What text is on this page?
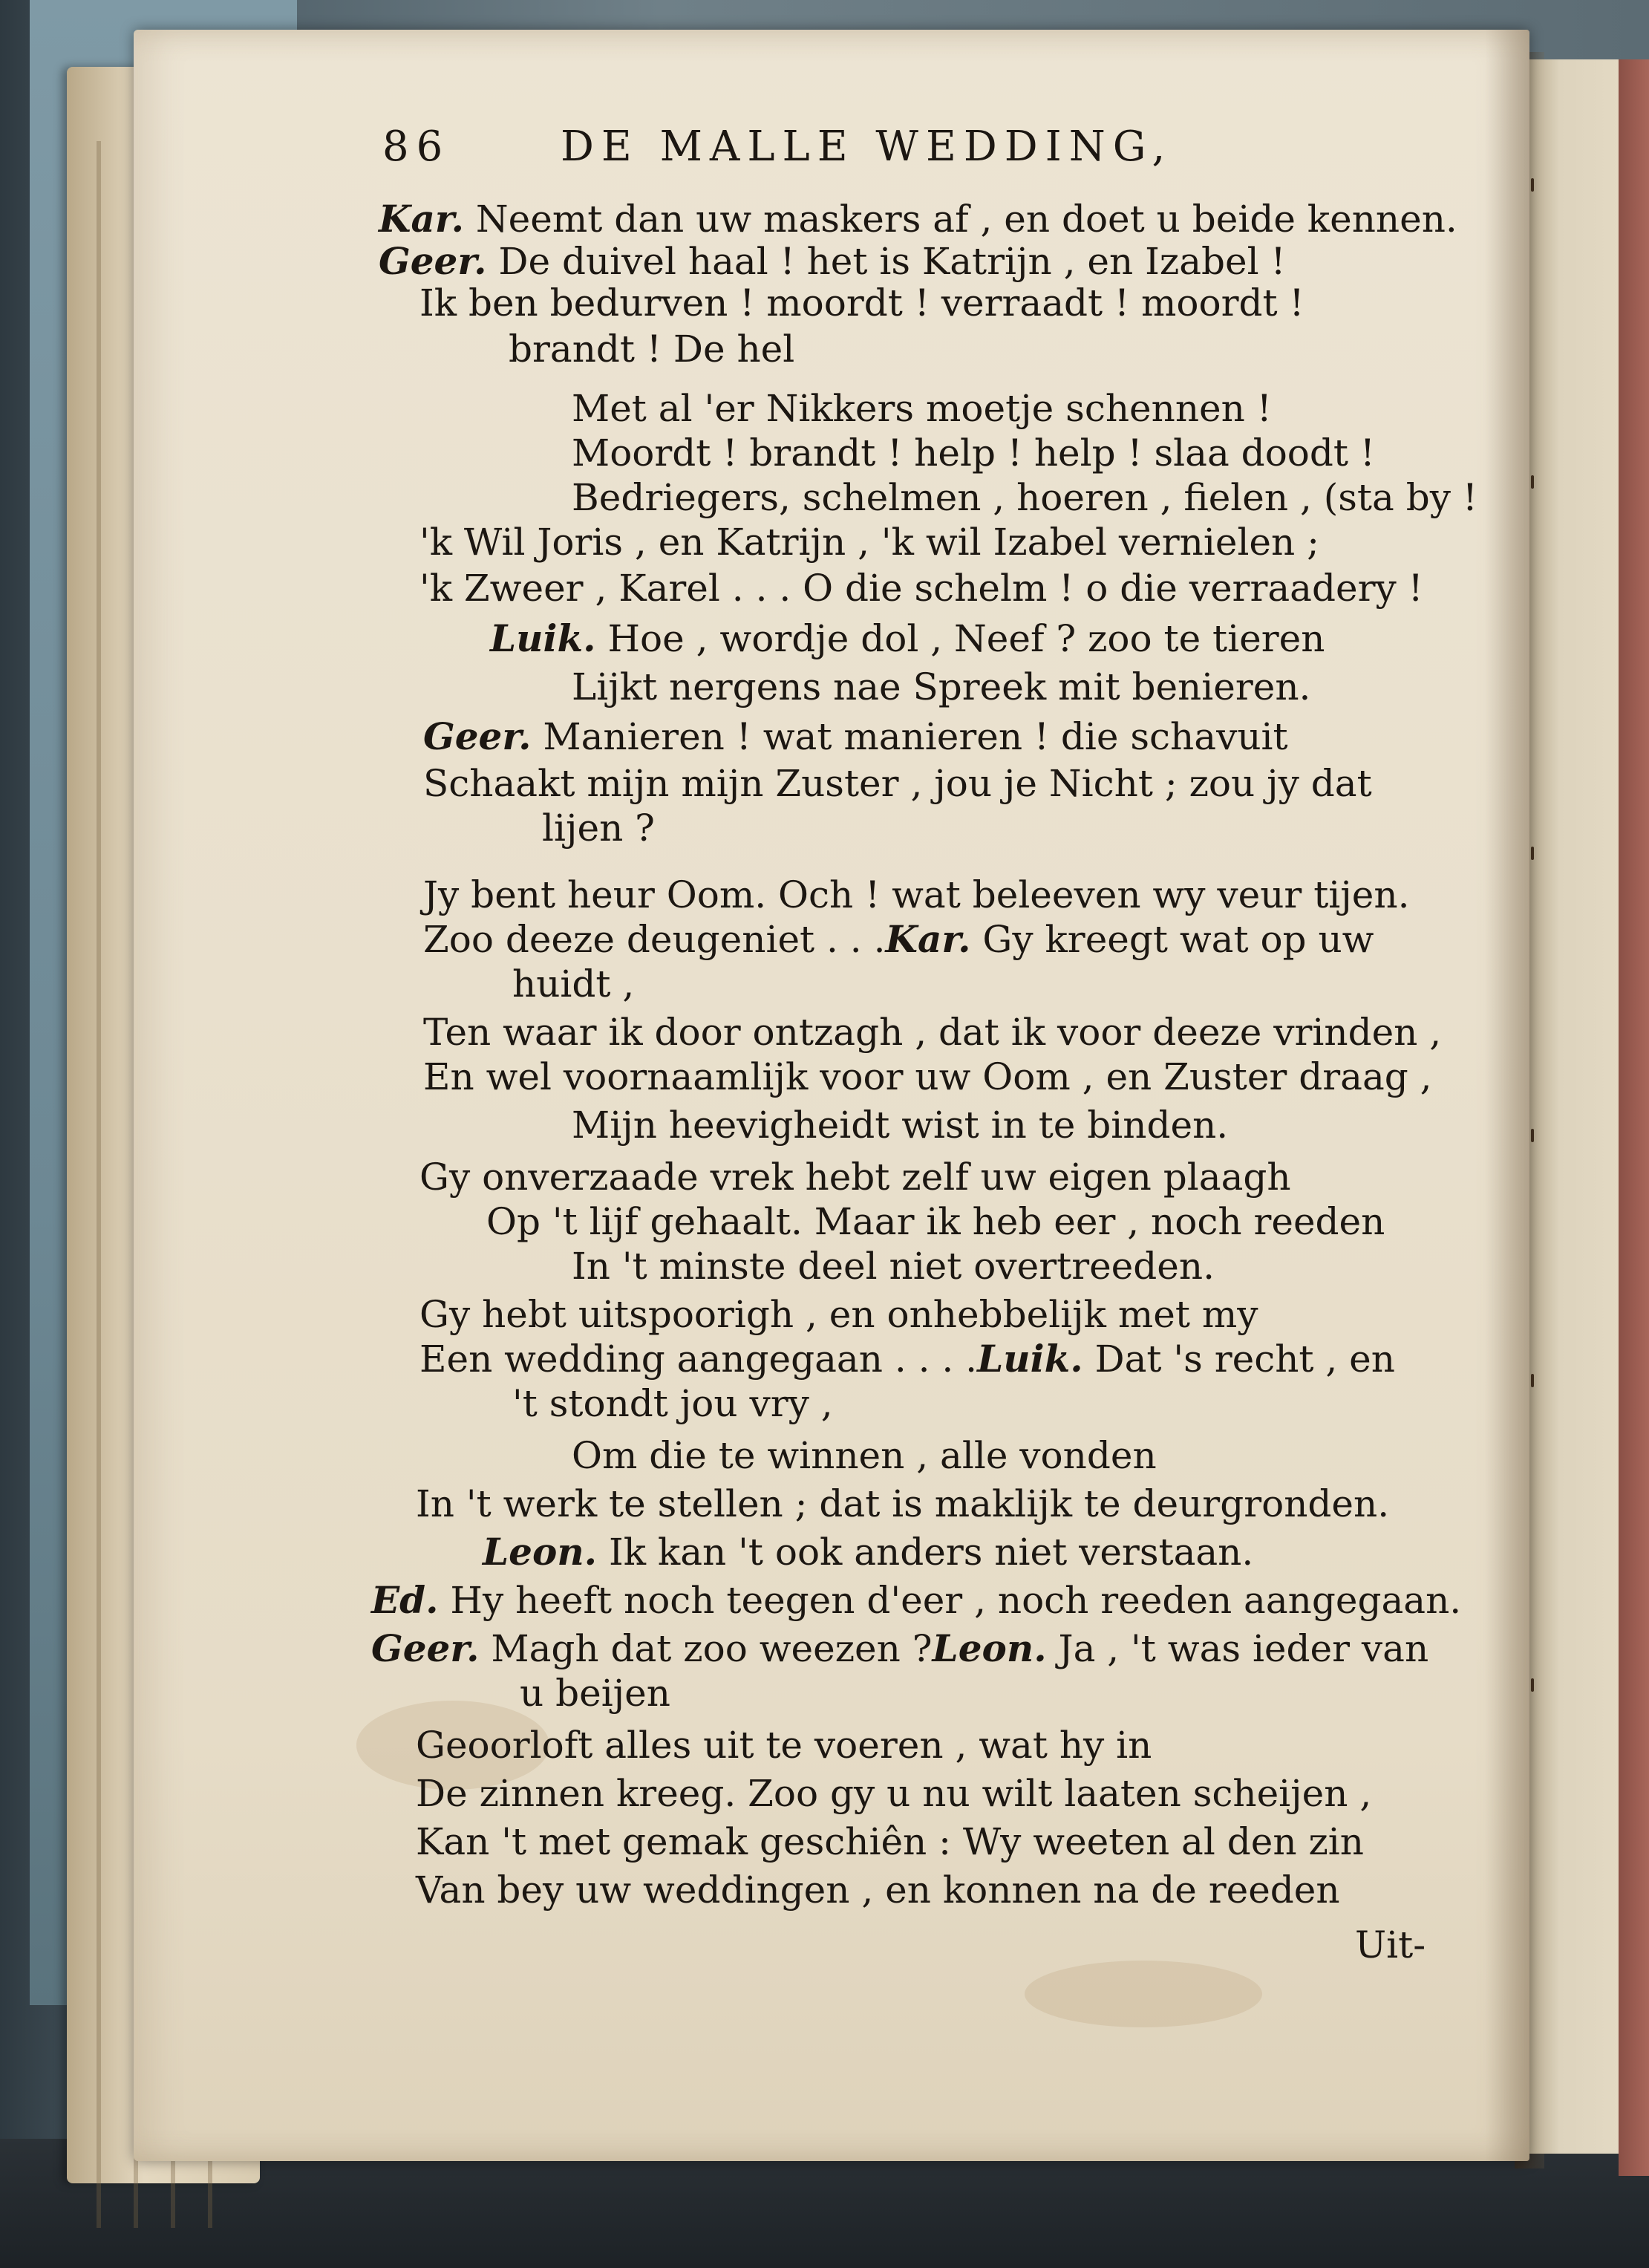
86	DE MALLE WEDDING,
Kar. Neemt dan uw maskers af , en doet u beide kennen.
Geer. De duivel haal ! het is Katrijn , en Izabel !
Ik ben bedurven ! moordt ! verraadt ! moordt !
brandt ! De hel
Met al 'er Nikkers moetje schennen !
Moordt ! brandt ! help ! help ! slaa doodt !
Bedriegers, schelmen , hoeren , fielen , (sta by !
'k Wil Joris , en Katrijn , 'k wil Izabel vernielen ;
'k Zweer , Karel . . . O die schelm ! o die verraadery !
Luik. Hoe , wordje dol , Neef ? zoo te tieren
Lijkt nergens nae Spreek mit benieren.
Geer. Manieren ! wat manieren ! die schavuit
Schaakt mijn mijn Zuster , jou je Nicht ; zou jy dat
lijen ?
Jy bent heur Oom. Och ! wat beleeven wy veur tijen.
Zoo deeze deugeniet . . .Kar. Gy kreegt wat op uw
huidt ,
Ten waar ik door ontzagh , dat ik voor deeze vrinden ,
En wel voornaamlijk voor uw Oom , en Zuster draag ,
Mijn heevigheidt wist in te binden.
Gy onverzaade vrek hebt zelf uw eigen plaagh
Op 't lijf gehaalt. Maar ik heb eer , noch reeden
In 't minste deel niet overtreeden.
Gy hebt uitspoorigh , en onhebbelijk met my
Een wedding aangegaan . . . .Luik. Dat 's recht , en
't stondt jou vry ,
Om die te winnen , alle vonden
In 't werk te stellen ; dat is maklijk te deurgronden.
Leon. Ik kan 't ook anders niet verstaan.
Ed. Hy heeft noch teegen d'eer , noch reeden aangegaan.
Geer. Magh dat zoo weezen ?Leon. Ja , 't was ieder van
u beijen
Geoorloft alles uit te voeren , wat hy in
De zinnen kreeg. Zoo gy u nu wilt laaten scheijen ,
Kan 't met gemak geschiên : Wy weeten al den zin
Van bey uw weddingen , en konnen na de reeden
Uit-
